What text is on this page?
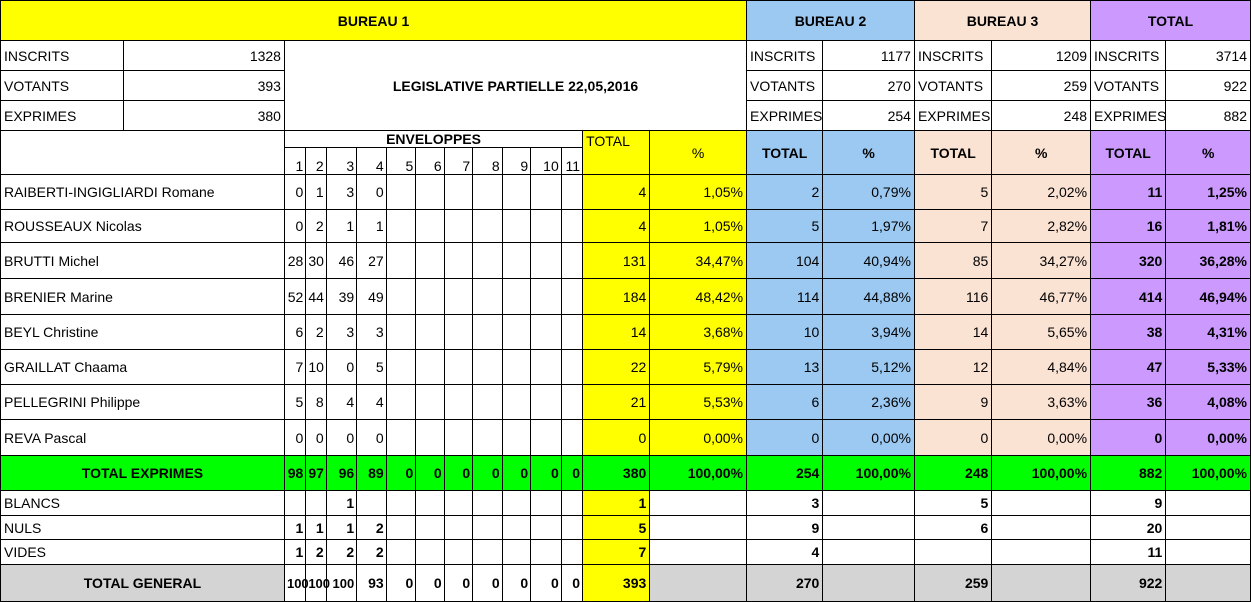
BUREAU 1															BUREAU 2		BUREAU 3		TOTAL	
INSCRITS	1328	LEGISLATIVE PARTIELLE 22,05,2016													INSCRITS	1177	INSCRITS	1209	INSCRITS	3714
VOTANTS	393														VOTANTS	270	VOTANTS	259	VOTANTS	922
EXPRIMES	380														EXPRIMES	254	EXPRIMES	248	EXPRIMES	882
		ENVELOPPES											TOTAL	%	TOTAL	%	TOTAL	%	TOTAL	%
		1	2	3	4	5	6	7	8	9	10	11								
RAIBERTI-INGIGLIARDI Romane		0	1	3	0								4	1,05%	2	0,79%	5	2,02%	11	1,25%
ROUSSEAUX Nicolas		0	2	1	1								4	1,05%	5	1,97%	7	2,82%	16	1,81%
BRUTTI Michel		28	30	46	27								131	34,47%	104	40,94%	85	34,27%	320	36,28%
BRENIER Marine		52	44	39	49								184	48,42%	114	44,88%	116	46,77%	414	46,94%
BEYL Christine		6	2	3	3								14	3,68%	10	3,94%	14	5,65%	38	4,31%
GRAILLAT Chaama		7	10	0	5								22	5,79%	13	5,12%	12	4,84%	47	5,33%
PELLEGRINI Philippe		5	8	4	4								21	5,53%	6	2,36%	9	3,63%	36	4,08%
REVA Pascal		0	0	0	0								0	0,00%	0	0,00%	0	0,00%	0	0,00%
TOTAL EXPRIMES		98	97	96	89	0	0	0	0	0	0	0	380	100,00%	254	100,00%	248	100,00%	882	100,00%
BLANCS				1									1		3		5		9	
NULS		1	1	1	2								5		9		6		20	
VIDES		1	2	2	2								7		4				11	
TOTAL GENERAL		100	100	100	93	0	0	0	0	0	0	0	393		270		259		922	
